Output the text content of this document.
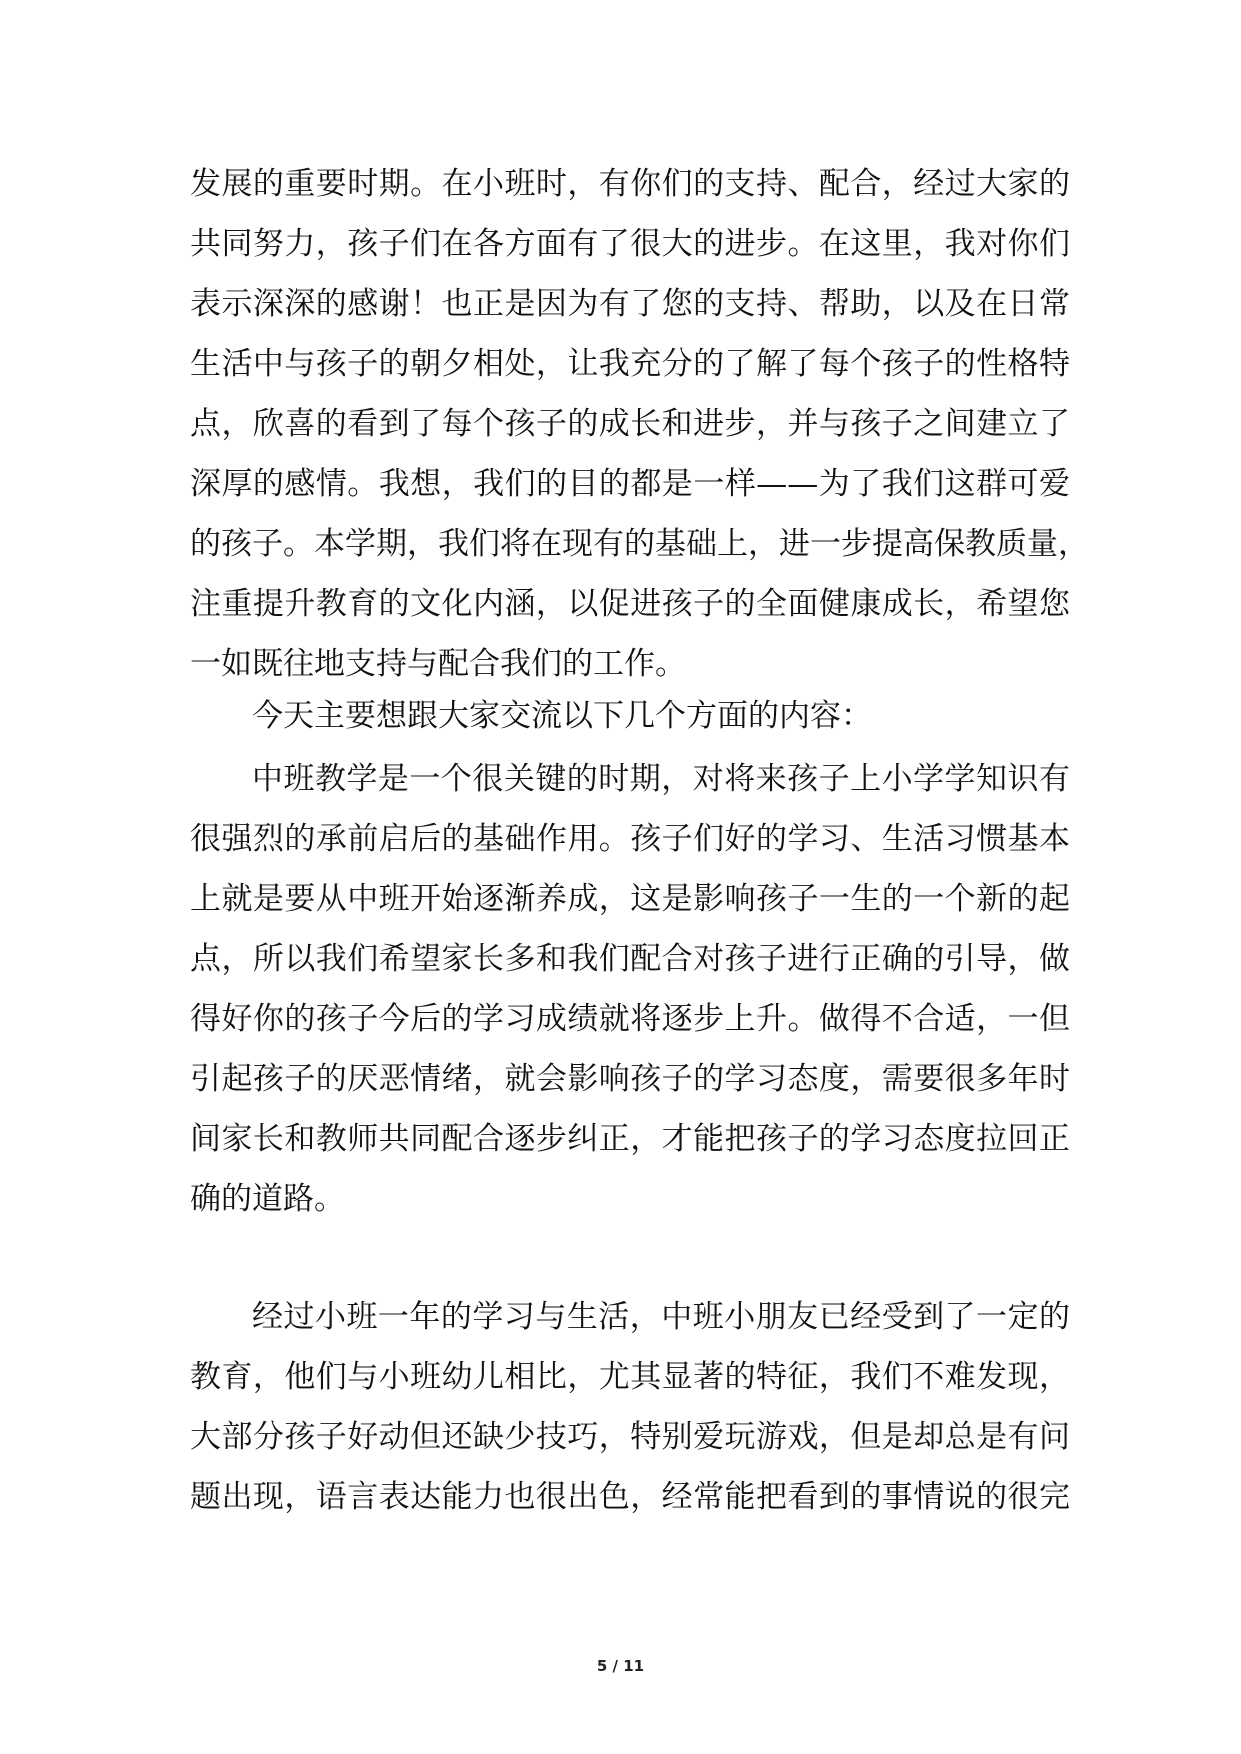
发展的重要时期。在小班时，有你们的支持、配合，经过大家的
共同努力，孩子们在各方面有了很大的进步。在这里，我对你们
表示深深的感谢！也正是因为有了您的支持、帮助，以及在日常
生活中与孩子的朝夕相处，让我充分的了解了每个孩子的性格特
点，欣喜的看到了每个孩子的成长和进步，并与孩子之间建立了
深厚的感情。我想，我们的目的都是一样——为了我们这群可爱
的孩子。本学期，我们将在现有的基础上，进一步提高保教质量，
注重提升教育的文化内涵，以促进孩子的全面健康成长，希望您
一如既往地支持与配合我们的工作。
今天主要想跟大家交流以下几个方面的内容：
中班教学是一个很关键的时期，对将来孩子上小学学知识有
很强烈的承前启后的基础作用。孩子们好的学习、生活习惯基本
上就是要从中班开始逐渐养成，这是影响孩子一生的一个新的起
点，所以我们希望家长多和我们配合对孩子进行正确的引导，做
得好你的孩子今后的学习成绩就将逐步上升。做得不合适，一但
引起孩子的厌恶情绪，就会影响孩子的学习态度，需要很多年时
间家长和教师共同配合逐步纠正，才能把孩子的学习态度拉回正
确的道路。
经过小班一年的学习与生活，中班小朋友已经受到了一定的
教育，他们与小班幼儿相比，尤其显著的特征，我们不难发现，
大部分孩子好动但还缺少技巧，特别爱玩游戏，但是却总是有问
题出现，语言表达能力也很出色，经常能把看到的事情说的很完
5 / 11
